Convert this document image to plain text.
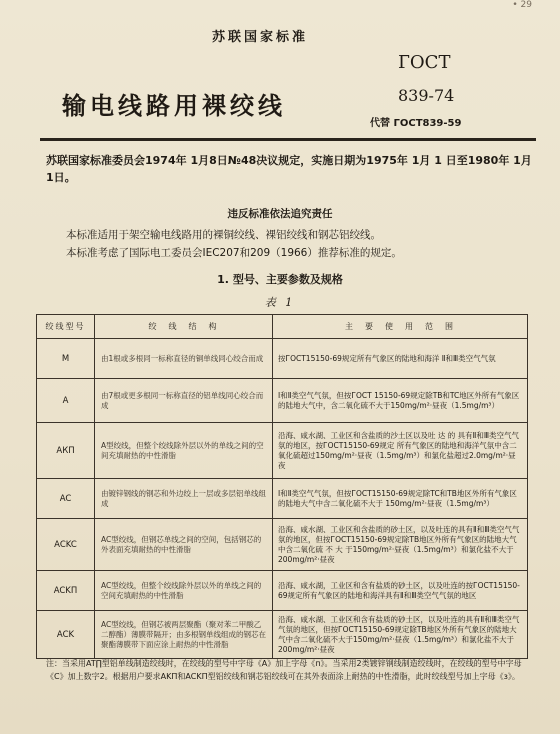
• 29

苏联国家标准
输电线路用裸绞线
ГОСТ
839-74
代替 ГОСТ839-59
苏联国家标准委员会1974年 1月8日№48决议规定，实施日期为1975年 1月 1 日至1980年 1月1日。
违反标准依法追究责任
本标准适用于架空输电线路用的裸铜绞线、裸铝绞线和钢芯铝绞线。
本标准考虑了国际电工委员会IEC207和209（1966）推荐标准的规定。
1. 型号、主要参数及规格
表 1
绞线型号	绞　线　结　构	主　要　使　用　范　围
M	由1根或多根同一标称直径的铜单线同心绞合而成	按ГОСТ15150-69规定所有气象区的陆地和海洋 Ⅱ和Ⅲ类空气气氛
A	由7根或更多根同一标称直径的铝单线同心绞合而成	Ⅰ和Ⅱ类空气气氛，但按ГОСТ 15150-69规定除TB和TC地区外所有气象区的陆地大气中，含二氧化硫不大于150mg/m²·昼夜（1.5mg/m³）
АКП	A型绞线，但整个绞线除外层以外的单线之间的空间充填耐热的中性滑脂	沿海、咸水湖、工业区和含盐质的沙土区以及吐 达 的 具有Ⅱ和Ⅲ类空气气氛的地区，按ГОСТ15150-69规定 所有气象区的陆地和海洋气氛中含二氧化硫超过150mg/m²·昼夜（1.5mg/m³）和氯化盐超过2.0mg/m²·昼夜
AC	由镀锌钢线的钢芯和外边绞上一层或多层铝单线组成	Ⅰ和Ⅱ类空气气氛，但按ГОСТ15150-69规定除TC和TB地区外所有气象区的陆地大气中含二氧化硫不大于 150mg/m²·昼夜（1.5mg/m³）
ACKC	AC型绞线，但钢芯单线之间的空间，包括钢芯的外表面充填耐热的中性滑脂	沿海、咸水湖、工业区和含盐质的砂土区，以及吐连的具有Ⅱ和Ⅲ类空气气氛的地区，但按ГОСТ15150-69规定除TB地区外所有气象区的陆地大气中含二氧化硫 不 大 于150mg/m²·昼夜（1.5mg/m³）和氯化盐不大于200mg/m²·昼夜
ACKП	AC型绞线，但整个绞线除外层以外的单线之间的空间充填耐热的中性滑脂	沿海、咸水湖，工业区和含有盐质的砂土区，以及吐连的按ГОСТ15150-69规定所有气象区的陆地和海洋具有Ⅱ和Ⅲ类空气气氛的地区
ACK	AC型绞线，但钢芯被两层聚酯（聚对苯二甲酸乙二醇酯）薄膜带隔开；由多根钢单线组成的钢芯在聚酯薄膜带下面应涂上耐热的中性滑脂	沿海、咸水湖、工业区和含有盐质的砂土区，以及吐连的具有Ⅱ和Ⅲ类空气气氛的地区，但按ГОСТ15150-69规定除TB地区外所有气象区的陆地大气中含二氧化硫不大于150mg/m²·昼夜（1.5mg/m³）和氯化盐不大于200mg/m²·昼夜
注：当采用AT∏型铝单线制造绞线时，在绞线的型号中字母《A》加上字母《п》。当采用2类镀锌钢线制造绞线时，在绞线的型号中字母《C》加上数字2。根据用户要求AKΠ和ACKΠ型铝绞线和钢芯铝绞线可在其外表面涂上耐热的中性滑脂，此时绞线型号加上字母《з》。
